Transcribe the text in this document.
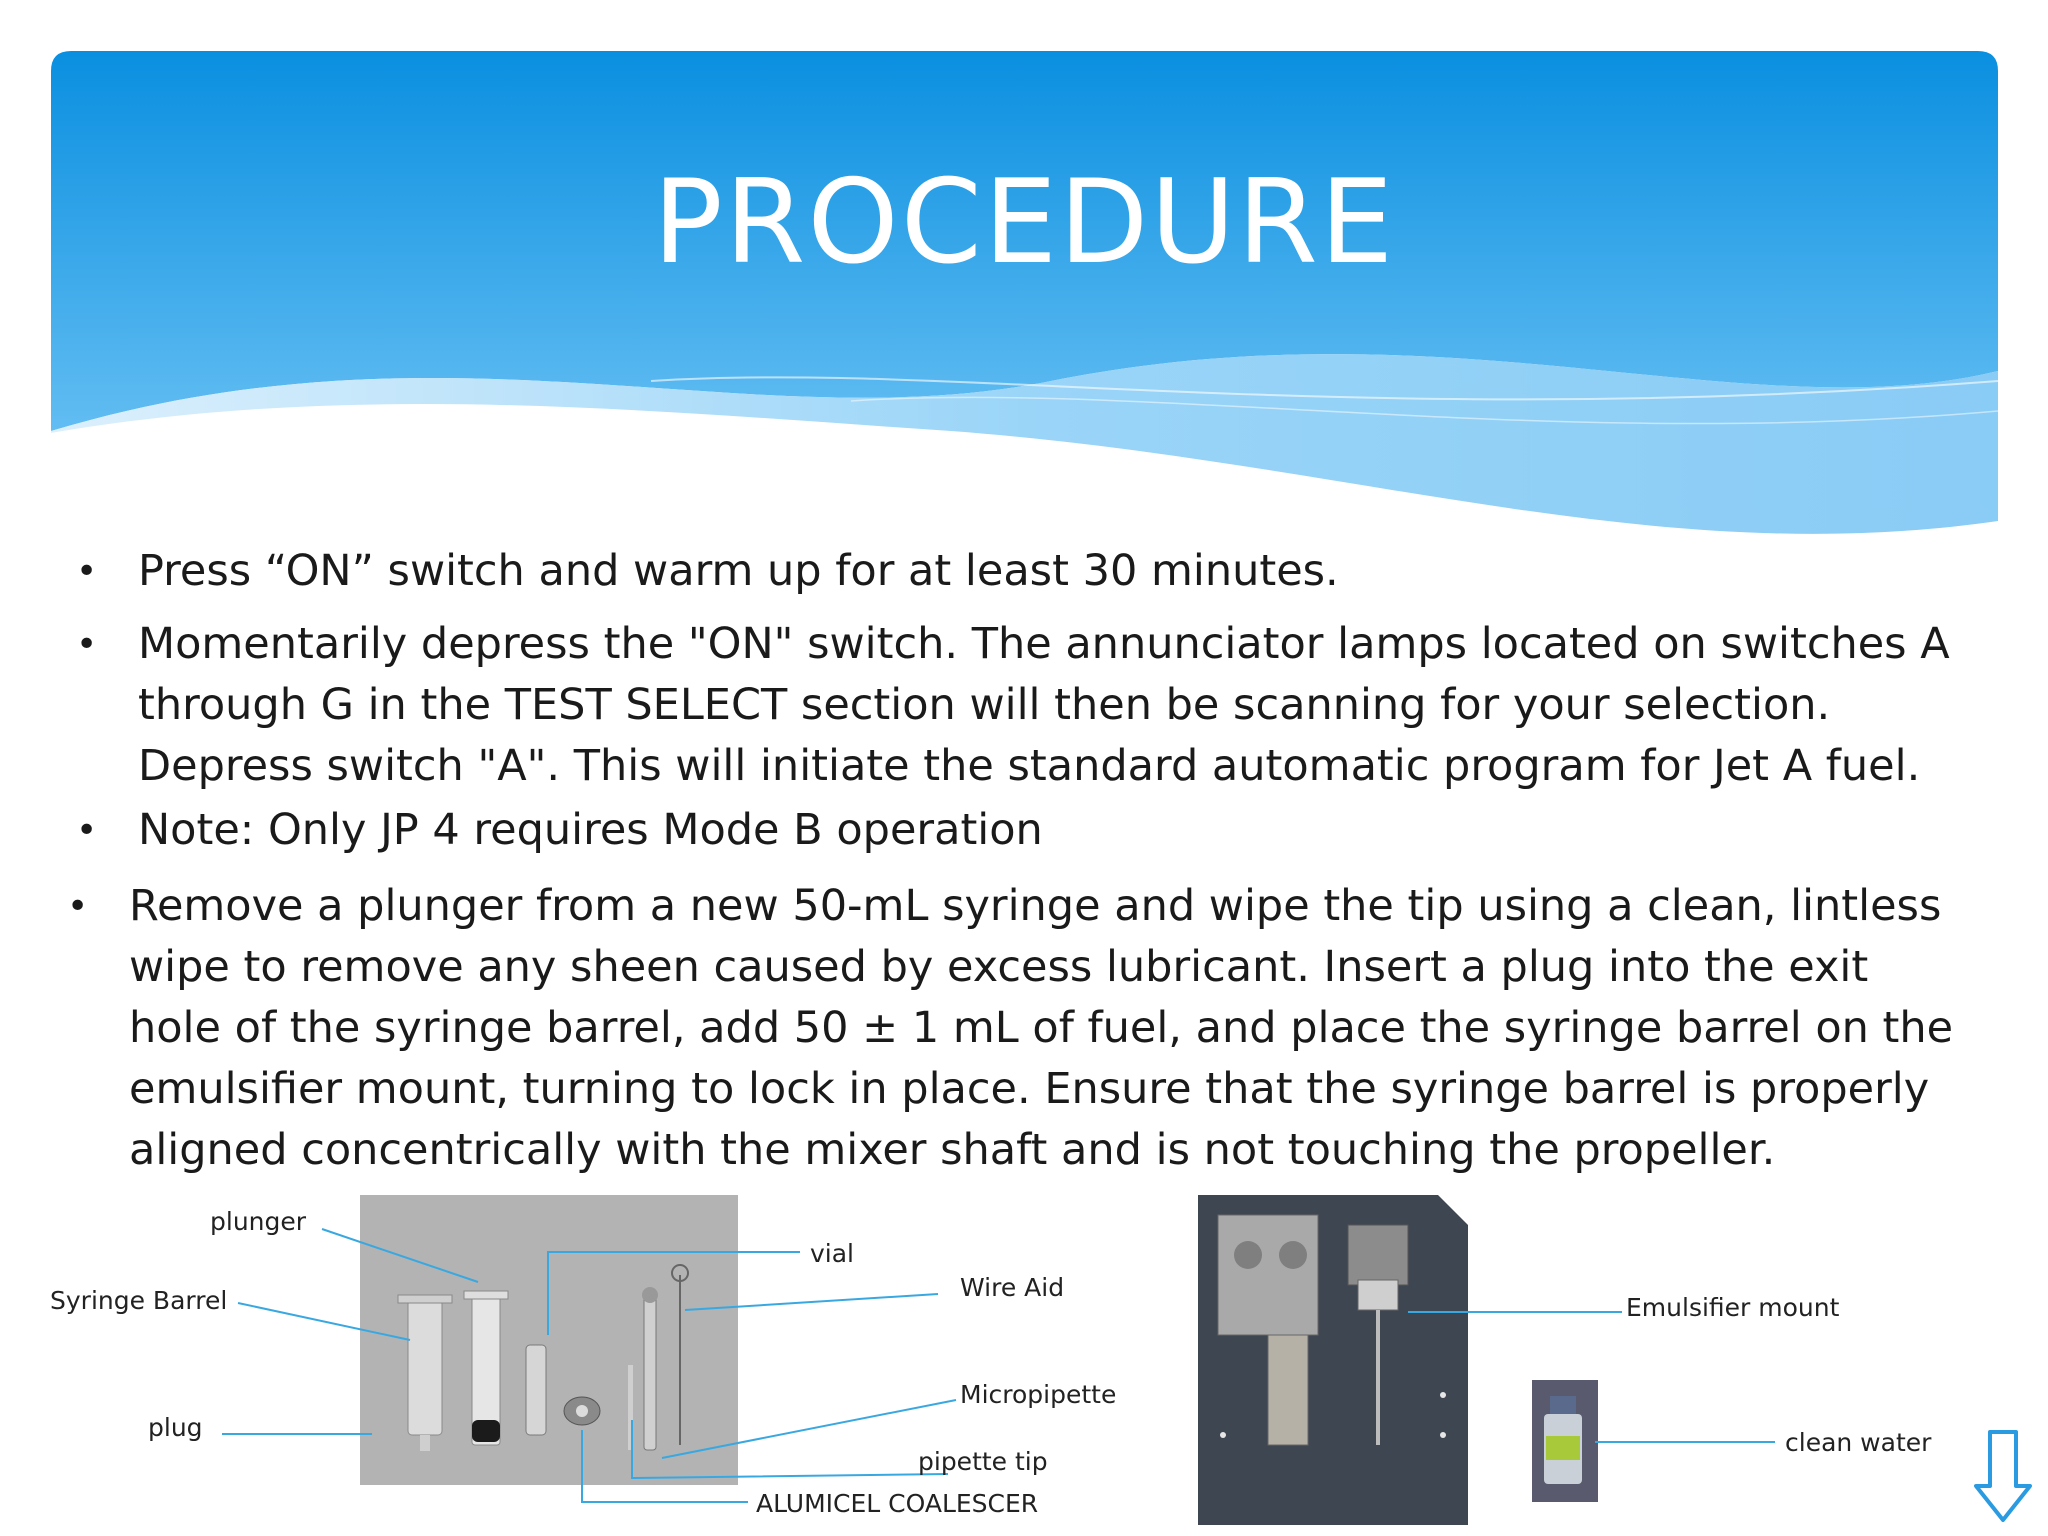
PROCEDURE
• Press “ON” switch and warm up for at least 30 minutes.
• Momentarily depress the "ON" switch. The annunciator lamps located on switches A through G in the TEST SELECT section will then be scanning for your selection. Depress switch "A". This will initiate the standard automatic program for Jet A fuel.
• Note: Only JP 4 requires Mode B operation
• Remove a plunger from a new 50-mL syringe and wipe the tip using a clean, lintless wipe to remove any sheen caused by excess lubricant. Insert a plug into the exit hole of the syringe barrel, add 50 ± 1 mL of fuel, and place the syringe barrel on the emulsifier mount, turning to lock in place. Ensure that the syringe barrel is properly aligned concentrically with the mixer shaft and is not touching the propeller.
plunger
Syringe Barrel
plug
vial
Wire Aid
Micropipette
pipette tip
ALUMICEL COALESCER
Emulsifier mount
clean water
